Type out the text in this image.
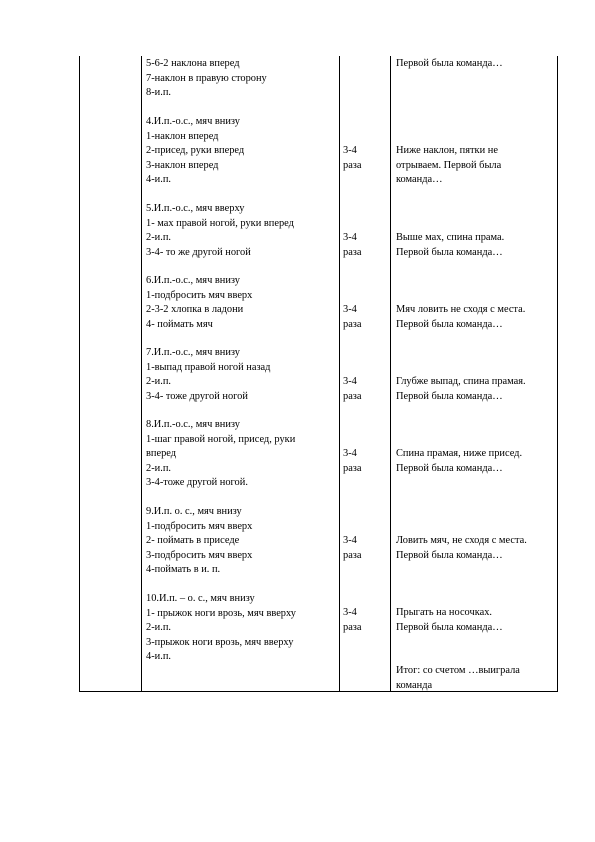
5-6-2 наклона вперед
7-наклон в правую сторону
8-и.п.
4.И.п.-о.с., мяч внизу
1-наклон вперед
2-присед, руки вперед
3-наклон вперед
4-и.п.
5.И.п.-о.с., мяч вверху
1- мах правой ногой, руки вперед
2-и.п.
3-4- то же другой ногой
6.И.п.-о.с., мяч внизу
1-подбросить мяч вверх
2-3-2 хлопка в ладони
4- поймать мяч
7.И.п.-о.с., мяч внизу
1-выпад правой ногой назад
2-и.п.
3-4- тоже другой ногой
8.И.п.-о.с., мяч внизу
1-шаг правой ногой, присед, руки
вперед
2-и.п.
3-4-тоже другой ногой.
9.И.п. о. с., мяч внизу
1-подбросить мяч вверх
2- поймать в приседе
3-подбросить мяч вверх
4-поймать в и. п.
10.И.п. – о. с., мяч внизу
1- прыжок ноги врозь, мяч вверху
2-и.п.
3-прыжок ноги врозь, мяч вверху
4-и.п.
3-4
раза
3-4
раза
3-4
раза
3-4
раза
3-4
раза
3-4
раза
3-4
раза
Первой была команда…
Ниже наклон, пятки не
отрываем. Первой была
команда…
Выше мах, спина прама.
Первой была команда…
Мяч ловить не сходя с места.
Первой была команда…
Глубже выпад, спина прамая.
Первой была команда…
Спина прамая, ниже присед.
Первой была команда…
Ловить мяч, не сходя с места.
Первой была команда…
Прыгать на носочках.
Первой была команда…
Итог: со счетом …выиграла
команда
